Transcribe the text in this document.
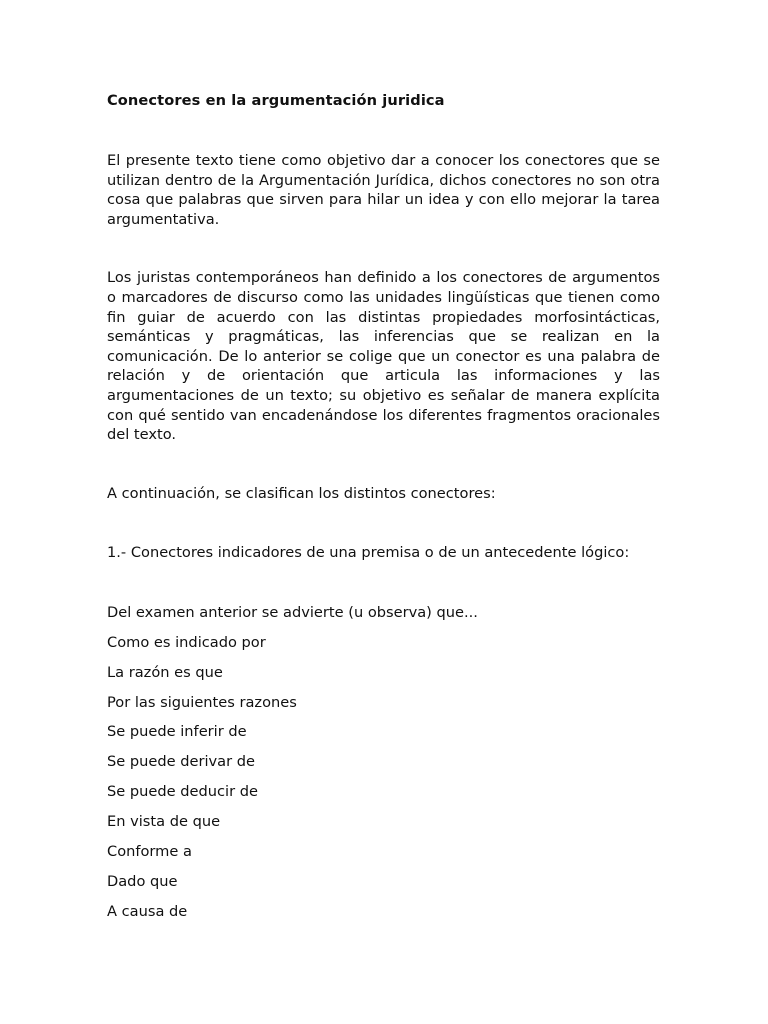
Conectores en la argumentación juridica

El presente texto tiene como objetivo dar a conocer los conectores que se utilizan dentro de la Argumentación Jurídica, dichos conectores no son otra cosa que palabras que sirven para hilar un idea y con ello mejorar la tarea argumentativa.

Los juristas contemporáneos han definido a los conectores de argumentos o marcadores de discurso como las unidades lingüísticas que tienen como fin guiar de acuerdo con las distintas propiedades morfosintácticas, semánticas y pragmáticas, las inferencias que se realizan en la comunicación. De lo anterior se colige que un conector es una palabra de relación y de orientación que articula las informaciones y las argumentaciones de un texto; su objetivo es señalar de manera explícita con qué sentido van encadenándose los diferentes fragmentos oracionales del texto.

A continuación, se clasifican los distintos conectores:

1.- Conectores indicadores de una premisa o de un antecedente lógico:

Del examen anterior se advierte (u observa) que...
Como es indicado por
La razón es que
Por las siguientes razones
Se puede inferir de
Se puede derivar de
Se puede deducir de
En vista de que
Conforme a
Dado que
A causa de
